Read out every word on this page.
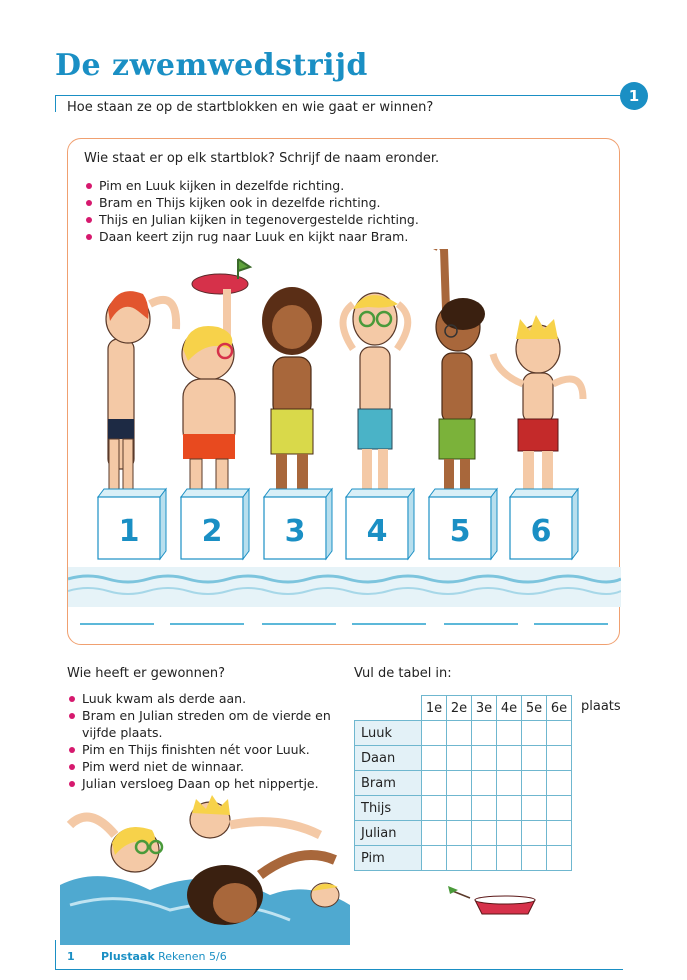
De zwemwedstrijd
1
Hoe staan ze op de startblokken en wie gaat er winnen?
Wie staat er op elk startblok? Schrijf de naam eronder.
Pim en Luuk kijken in dezelfde richting.
Bram en Thijs kijken ook in dezelfde richting.
Thijs en Julian kijken in tegenovergestelde richting.
Daan keert zijn rug naar Luuk en kijkt naar Bram.
1 2 3 4 5 6
Wie heeft er gewonnen?
Luuk kwam als derde aan.
Bram en Julian streden om de vierde en vijfde plaats.
Pim en Thijs finishten nét voor Luuk.
Pim werd niet de winnaar.
Julian versloeg Daan op het nippertje.
Vul de tabel in:
plaats
	1e	2e	3e	4e	5e	6e
Luuk						
Daan						
Bram						
Thijs						
Julian						
Pim						
1 Plustaak Rekenen 5/6
